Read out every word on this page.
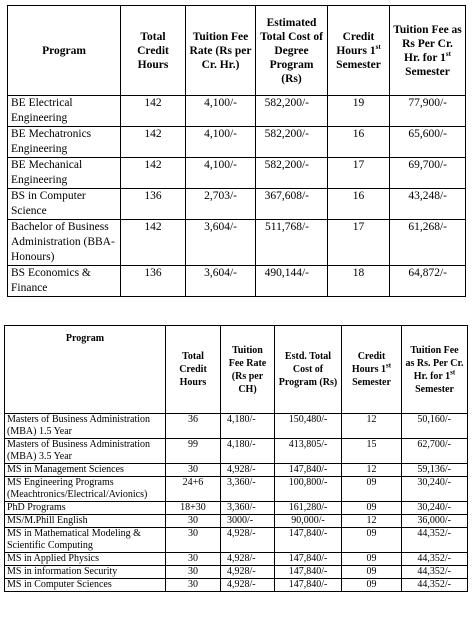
Program	Total Credit Hours	Tuition Fee Rate (Rs per Cr. Hr.)	Estimated Total Cost of Degree Program (Rs)	Credit Hours 1st Semester	Tuition Fee as Rs Per Cr. Hr. for 1st Semester
BE Electrical Engineering	142	4,100/-	582,200/-	19	77,900/-
BE Mechatronics Engineering	142	4,100/-	582,200/-	16	65,600/-
BE Mechanical Engineering	142	4,100/-	582,200/-	17	69,700/-
BS in Computer Science	136	2,703/-	367,608/-	16	43,248/-
Bachelor of Business Administration (BBA-Honours)	142	3,604/-	511,768/-	17	61,268/-
BS Economics & Finance	136	3,604/-	490,144/-	18	64,872/-
Program	Total Credit Hours	Tuition Fee Rate (Rs per CH)	Estd. Total Cost of Program (Rs)	Credit Hours 1st Semester	Tuition Fee as Rs. Per Cr. Hr. for 1st Semester
Masters of Business Administration (MBA) 1.5 Year	36	4,180/-	150,480/-	12	50,160/-
Masters of Business Administration (MBA) 3.5 Year	99	4,180/-	413,805/-	15	62,700/-
MS in Management Sciences	30	4,928/-	147,840/-	12	59,136/-
MS Engineering Programs (Meachtronics/Electrical/Avionics)	24+6	3,360/-	100,800/-	09	30,240/-
PhD Programs	18+30	3,360/-	161,280/-	09	30,240/-
MS/M.Phill English	30	3000/-	90,000/-	12	36,000/-
MS in Mathematical Modeling & Scientific Computing	30	4,928/-	147,840/-	09	44,352/-
MS in Applied Physics	30	4,928/-	147,840/-	09	44,352/-
MS in information Security	30	4,928/-	147,840/-	09	44,352/-
MS in Computer Sciences	30	4,928/-	147,840/-	09	44,352/-
